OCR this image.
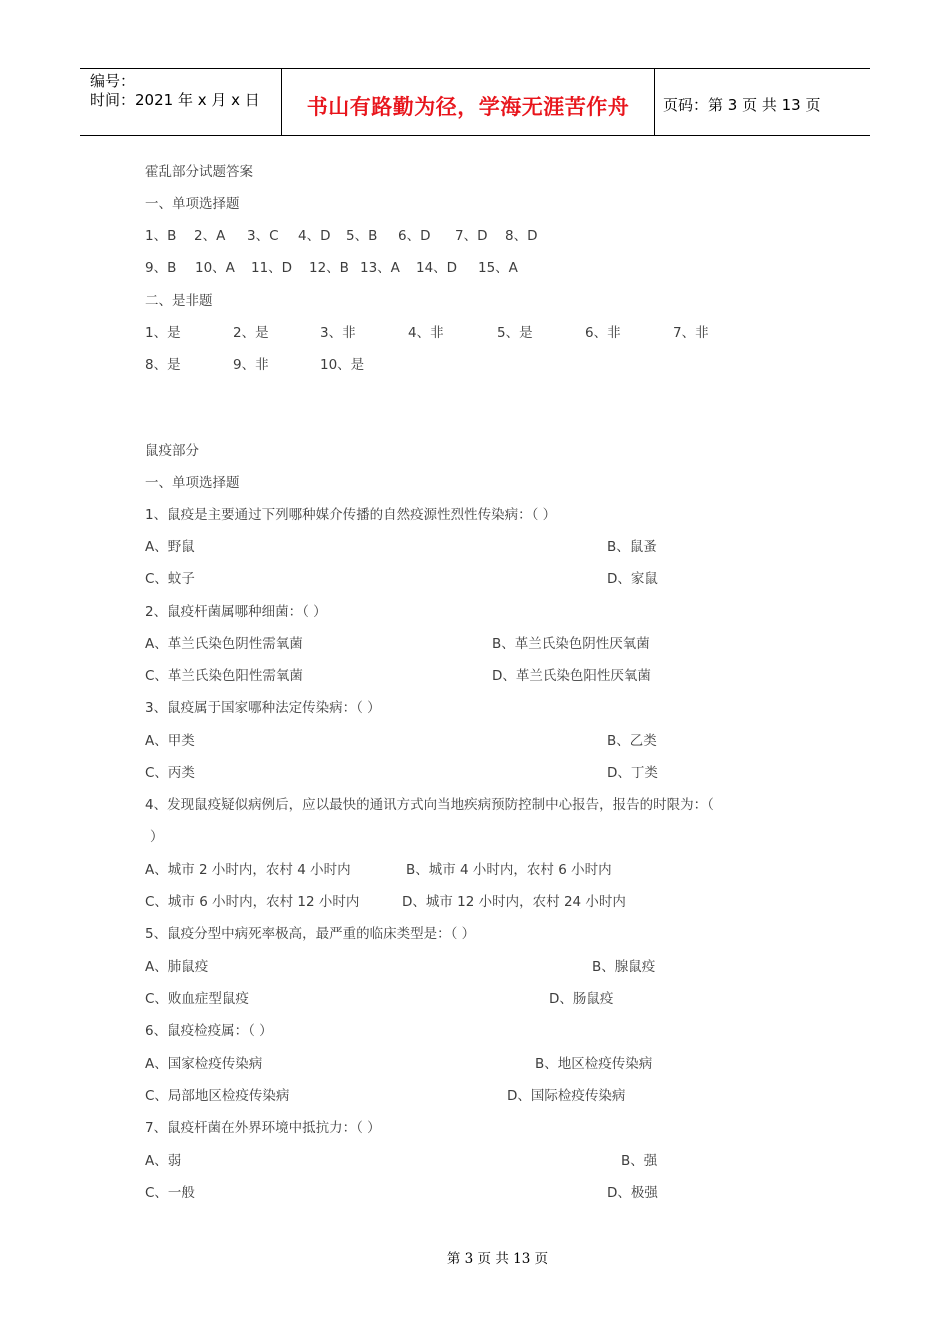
编号：
时间：2021 年 x 月 x 日	书山有路勤为径，学海无涯苦作舟	页码：第 3 页 共 13 页
霍乱部分试题答案
一、单项选择题
1、B 2、A 3、C 4、D 5、B 6、D 7、D 8、D
9、B 10、A 11、D 12、B 13、A 14、D 15、A
二、是非题
1、是	2、是	3、非	4、非	5、是	6、非	7、非
8、是	9、非	10、是
鼠疫部分
一、单项选择题
1、鼠疫是主要通过下列哪种媒介传播的自然疫源性烈性传染病：（ ）
A、野鼠	B、鼠蚤
C、蚊子	D、家鼠
2、鼠疫杆菌属哪种细菌：（ ）
A、革兰氏染色阴性需氧菌	B、革兰氏染色阴性厌氧菌
C、革兰氏染色阳性需氧菌	D、革兰氏染色阳性厌氧菌
3、鼠疫属于国家哪种法定传染病：（ ）
A、甲类	B、乙类
C、丙类	D、丁类
4、发现鼠疫疑似病例后，应以最快的通讯方式向当地疾病预防控制中心报告，报告的时限为：（
）
A、城市 2 小时内，农村 4 小时内	B、城市 4 小时内，农村 6 小时内
C、城市 6 小时内，农村 12 小时内	D、城市 12 小时内，农村 24 小时内
5、鼠疫分型中病死率极高，最严重的临床类型是：（ ）
A、肺鼠疫	B、腺鼠疫
C、败血症型鼠疫	D、肠鼠疫
6、鼠疫检疫属：（ ）
A、国家检疫传染病	B、地区检疫传染病
C、局部地区检疫传染病	D、国际检疫传染病
7、鼠疫杆菌在外界环境中抵抗力：（ ）
A、弱	B、强
C、一般	D、极强
第 3 页 共 13 页
